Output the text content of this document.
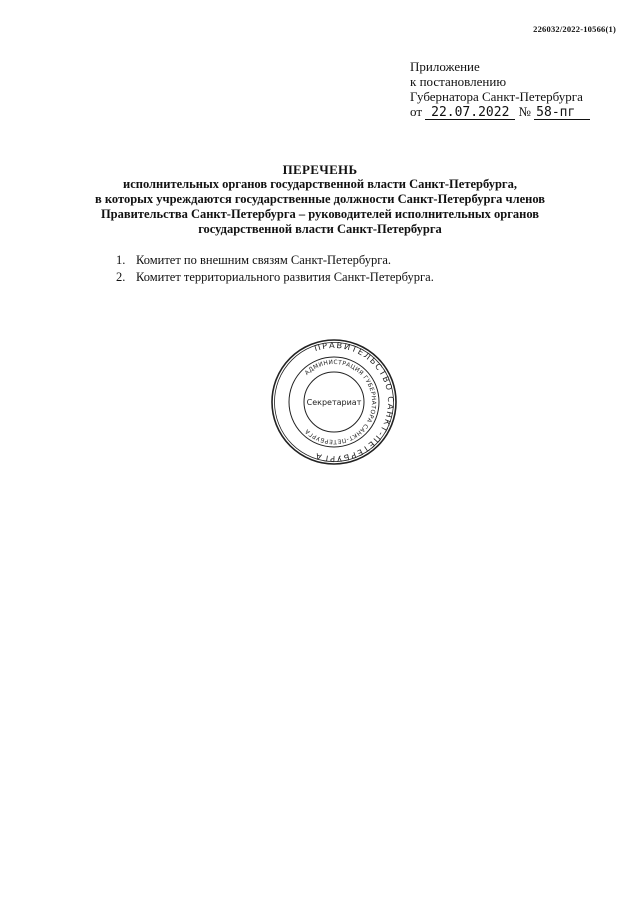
226032/2022-10566(1)
Приложение
к постановлению
Губернатора Санкт-Петербурга
от 22.07.2022 № 58-пг
ПЕРЕЧЕНЬ
исполнительных органов государственной власти Санкт-Петербурга,
в которых учреждаются государственные должности Санкт-Петербурга членов
Правительства Санкт-Петербурга – руководителей исполнительных органов
государственной власти Санкт-Петербурга
1. Комитет по внешним связям Санкт-Петербурга.
2. Комитет территориального развития Санкт-Петербурга.
ПРАВИТЕЛЬСТВО САНКТ-ПЕТЕРБУРГА
АДМИНИСТРАЦИЯ ГУБЕРНАТОРА САНКТ-ПЕТЕРБУРГА
Секретариат
